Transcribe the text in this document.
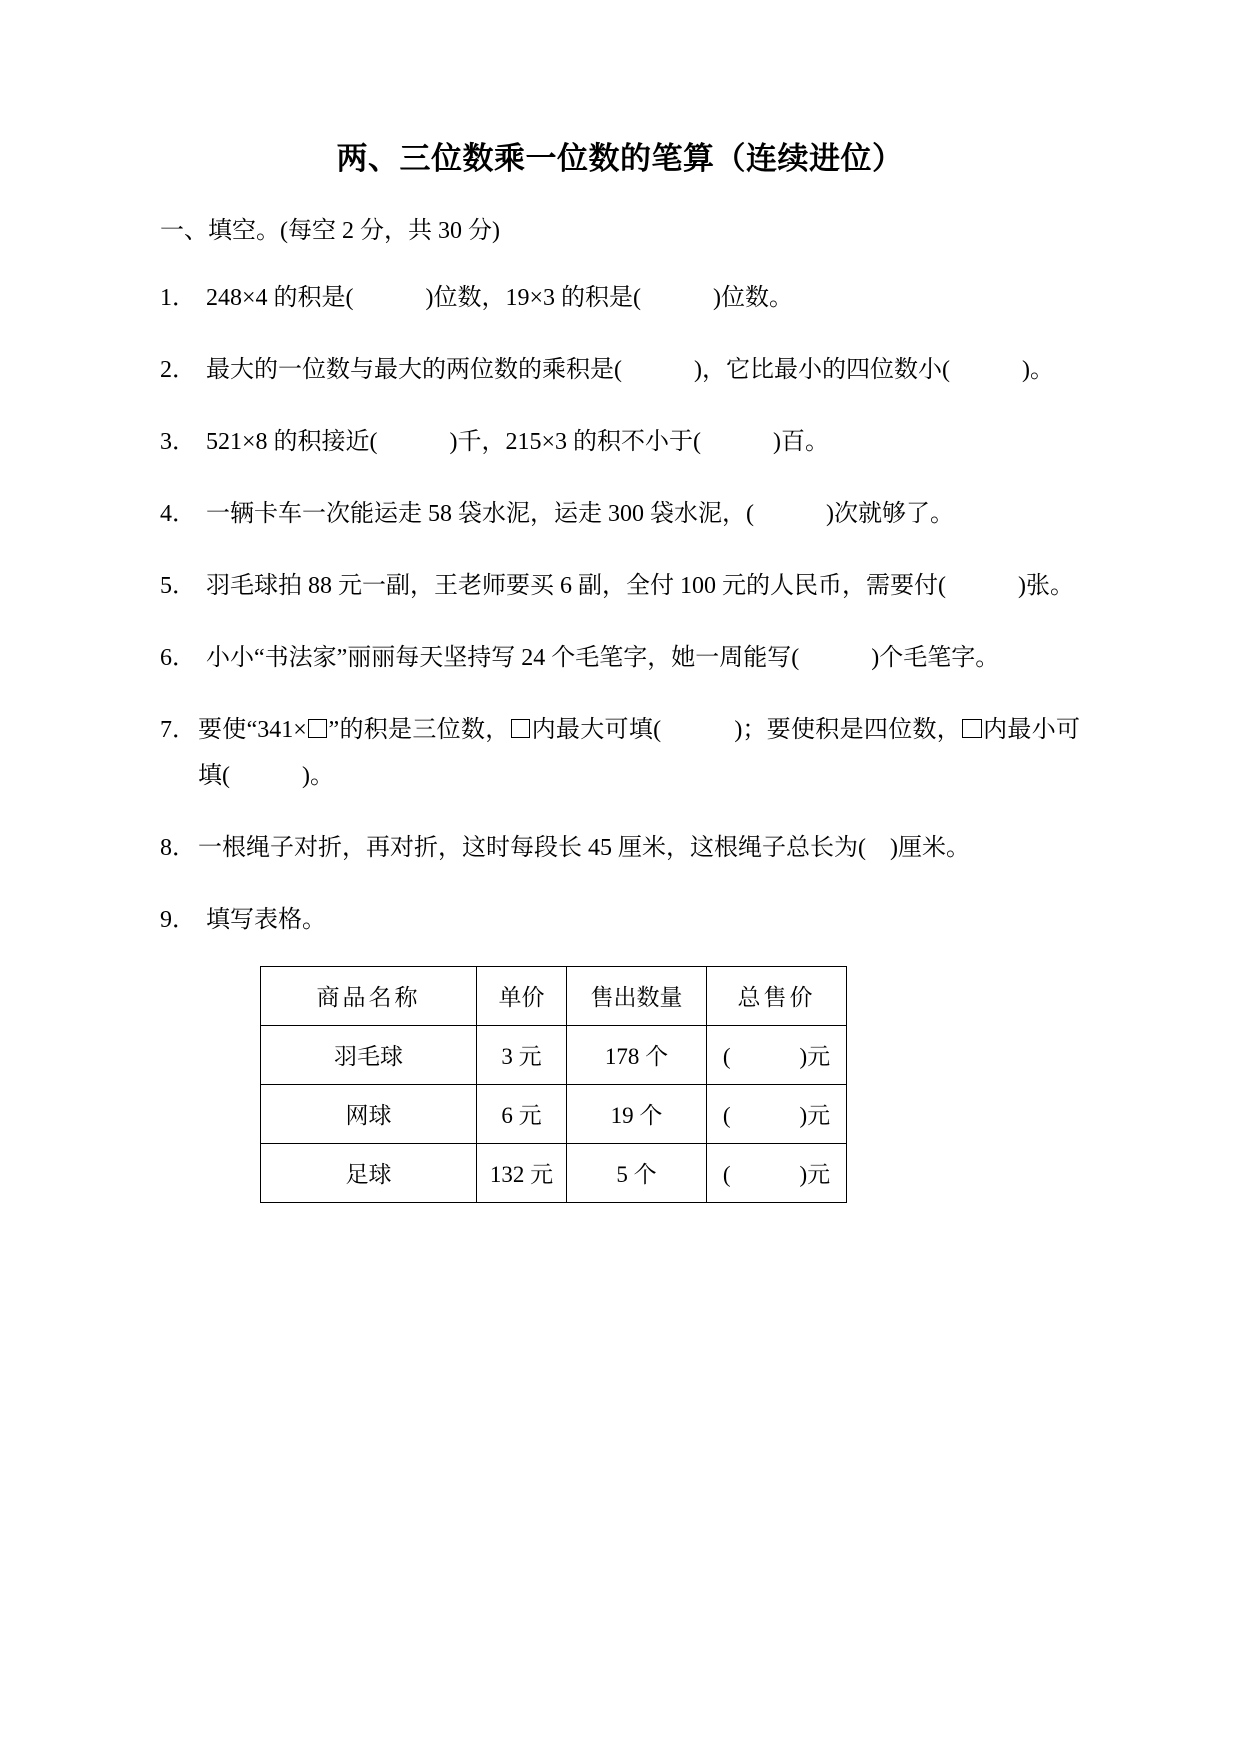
两、三位数乘一位数的笔算（连续进位）
一、填空。(每空 2 分，共 30 分)
1． 248×4 的积是(　　　)位数，19×3 的积是(　　　)位数。
2． 最大的一位数与最大的两位数的乘积是(　　　)，它比最小的四位数小(　　　)。
3． 521×8 的积接近(　　　)千，215×3 的积不小于(　　　)百。
4． 一辆卡车一次能运走 58 袋水泥，运走 300 袋水泥，(　　　)次就够了。
5． 羽毛球拍 88 元一副，王老师要买 6 副，全付 100 元的人民币，需要付(　　　)张。
6． 小小“书法家”丽丽每天坚持写 24 个毛笔字，她一周能写(　　　)个毛笔字。
7． 要使“341× ”的积是三位数， 内最大可填(　　　)；要使积是四位数， 内最小可填(　　　)。
8． 一根绳子对折，再对折，这时每段长 45 厘米，这根绳子总长为(　)厘米。
9． 填写表格。
商品名称	单价	售出数量	总售价
羽毛球	3 元	178 个	(　　　)元
网球	6 元	19 个	(　　　)元
足球	132 元	5 个	(　　　)元
